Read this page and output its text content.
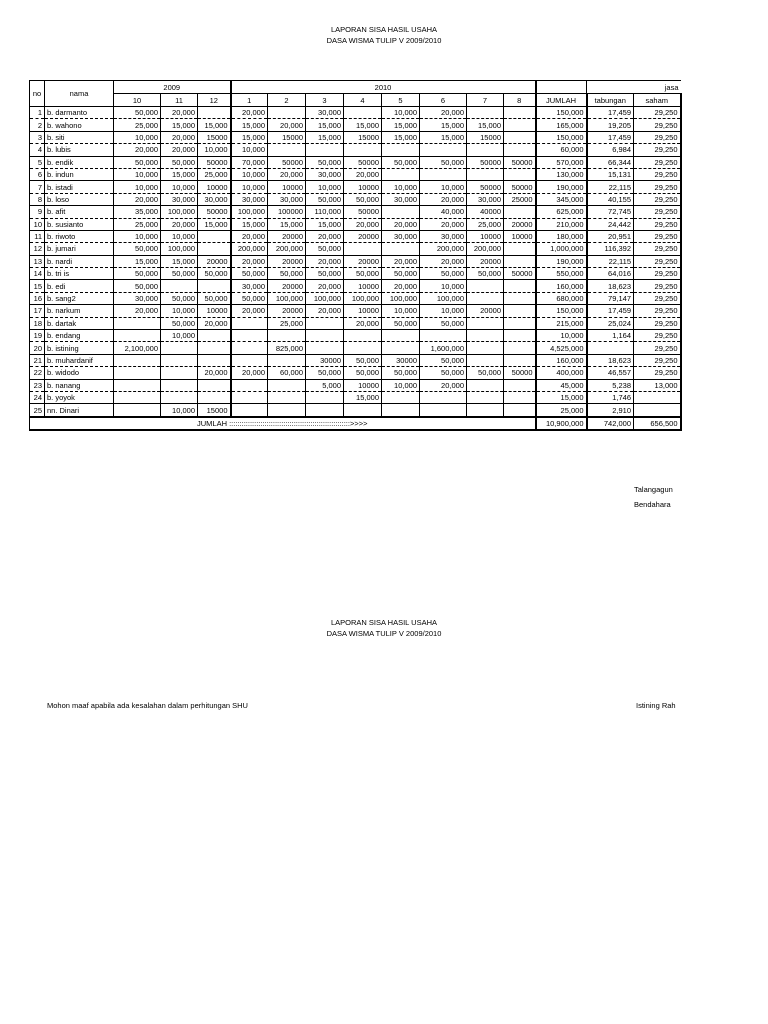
LAPORAN SISA HASIL USAHA
DASA WISMA TULIP V 2009/2010
no	nama	2009			2010									jasa	
		10	11	12	1	2	3	4	5	6	7	8	JUMLAH	tabungan	saham
1	b. darmanto	50,000	20,000		20,000		30,000		10,000	20,000			150,000	17,459	29,250
2	b. wahono	25,000	15,000	15,000	15,000	20,000	15,000	15,000	15,000	15,000	15,000		165,000	19,205	29,250
3	b. siti	10,000	20,000	15000	15,000	15000	15,000	15000	15,000	15,000	15000		150,000	17,459	29,250
4	b. lubis	20,000	20,000	10,000	10,000								60,000	6,984	29,250
5	b. endik	50,000	50,000	50000	70,000	50000	50,000	50000	50,000	50,000	50000	50000	570,000	66,344	29,250
6	b. indun	10,000	15,000	25,000	10,000	20,000	30,000	20,000					130,000	15,131	29,250
7	b. istadi	10,000	10,000	10000	10,000	10000	10,000	10000	10,000	10,000	50000	50000	190,000	22,115	29,250
8	b. loso	20,000	30,000	30,000	30,000	30,000	50,000	50,000	30,000	20,000	30,000	25000	345,000	40,155	29,250
9	b. afit	35,000	100,000	50000	100,000	100000	110,000	50000		40,000	40000		625,000	72,745	29,250
10	b. susianto	25,000	20,000	15,000	15,000	15,000	15,000	20,000	20,000	20,000	25,000	20000	210,000	24,442	29,250
11	b. riwoto	10,000	10,000		20,000	20000	20,000	20000	30,000	30,000	10000	10000	180,000	20,951	29,250
12	b. jumari	50,000	100,000		200,000	200,000	50,000			200,000	200,000		1,000,000	116,392	29,250
13	b. nardi	15,000	15,000	20000	20,000	20000	20,000	20000	20,000	20,000	20000		190,000	22,115	29,250
14	b. tri is	50,000	50,000	50,000	50,000	50,000	50,000	50,000	50,000	50,000	50,000	50000	550,000	64,016	29,250
15	b. edi	50,000			30,000	20000	20,000	10000	20,000	10,000			160,000	18,623	29,250
16	b. sang2	30,000	50,000	50,000	50,000	100,000	100,000	100,000	100,000	100,000			680,000	79,147	29,250
17	b. narkum	20,000	10,000	10000	20,000	20000	20,000	10000	10,000	10,000	20000		150,000	17,459	29,250
18	b. dartak		50,000	20,000		25,000		20,000	50,000	50,000			215,000	25,024	29,250
19	b. endang		10,000										10,000	1,164	29,250
20	b. istining	2,100,000				825,000				1,600,000			4,525,000		29,250
21	b. muhardanif						30000	50,000	30000	50,000			160,000	18,623	29,250
22	b. widodo			20,000	20,000	60,000	50,000	50,000	50,000	50,000	50,000	50000	400,000	46,557	29,250
23	b. nanang						5,000	10000	10,000	20,000			45,000	5,238	13,000
24	b. yoyok							15,000					15,000	1,746	
25	nn. Dinari		10,000	15000									25,000	2,910	
JUMLAH ::::::::::::::::::::::::::::::::::::::::::::::::::::::::::>>>>													10,900,000	742,000	656,500
Talangagun
Bendahara
LAPORAN SISA HASIL USAHA
DASA WISMA TULIP V 2009/2010
Mohon maaf apabila ada kesalahan dalam perhitungan SHU	Istining Rah
